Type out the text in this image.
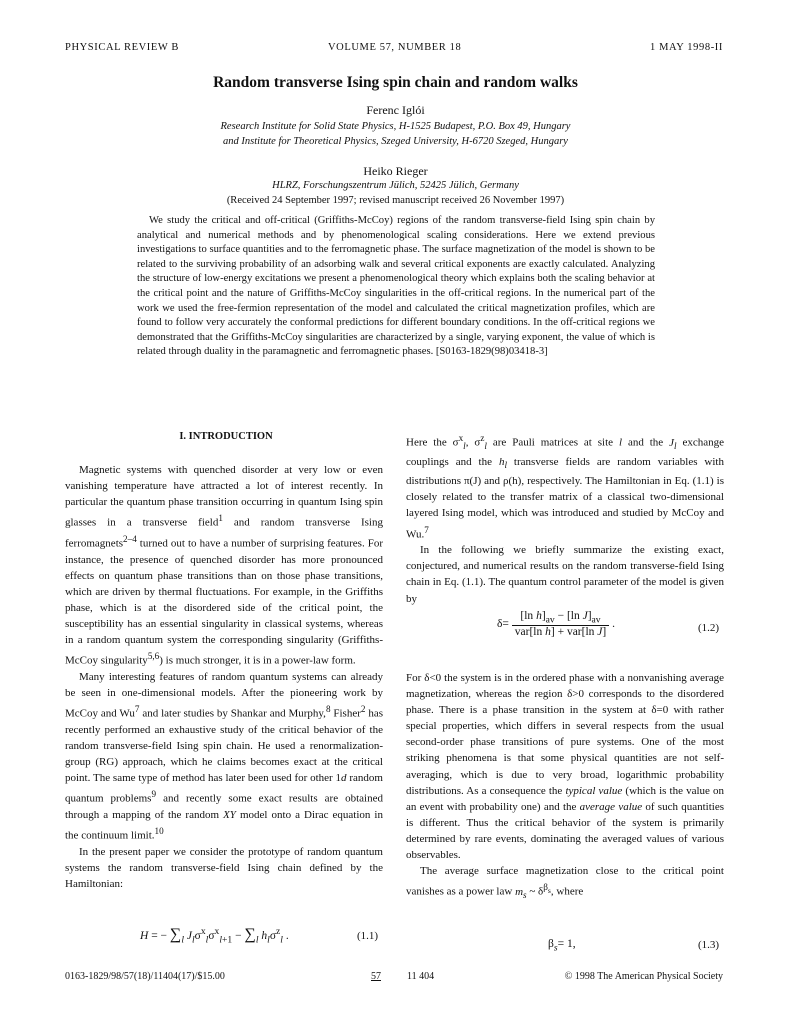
PHYSICAL REVIEW B	VOLUME 57, NUMBER 18	1 MAY 1998-II
Random transverse Ising spin chain and random walks
Ferenc Iglói
Research Institute for Solid State Physics, H-1525 Budapest, P.O. Box 49, Hungary
and Institute for Theoretical Physics, Szeged University, H-6720 Szeged, Hungary
Heiko Rieger
HLRZ, Forschungszentrum Jülich, 52425 Jülich, Germany
(Received 24 September 1997; revised manuscript received 26 November 1997)

We study the critical and off-critical (Griffiths-McCoy) regions of the random transverse-field Ising spin chain by analytical and numerical methods and by phenomenological scaling considerations. Here we extend previous investigations to surface quantities and to the ferromagnetic phase. The surface magnetization of the model is shown to be related to the surviving probability of an adsorbing walk and several critical exponents are exactly calculated. Analyzing the structure of low-energy excitations we present a phenomenological theory which explains both the scaling behavior at the critical point and the nature of Griffiths-McCoy singularities in the off-critical regions. In the numerical part of the work we used the free-fermion representation of the model and calculated the critical magnetization profiles, which are found to follow very accurately the conformal predictions for different boundary conditions. In the off-critical regions we demonstrated that the Griffiths-McCoy singularities are characterized by a single, varying exponent, the value of which is related through duality in the paramagnetic and ferromagnetic phases. [S0163-1829(98)03418-3]

I. INTRODUCTION

Magnetic systems with quenched disorder at very low or even vanishing temperature have attracted a lot of interest recently. In particular the quantum phase transition occurring in quantum Ising spin glasses in a transverse field$^1$ and random transverse Ising ferromagnets$^{2-4}$ turned out to have a number of surprising features. For instance, the presence of quenched disorder has more pronounced effects on quantum phase transitions than on those phase transitions, which are driven by thermal fluctuations. For example, in the Griffiths phase, which is at the disordered side of the critical point, the susceptibility has an essential singularity in classical systems, whereas in a random quantum system the corresponding singularity (Griffiths-McCoy singularity$^{5,6}$) is much stronger, it is in a power-law form.

Many interesting features of random quantum systems can already be seen in one-dimensional models. After the pioneering work by McCoy and Wu$^7$ and later studies by Shankar and Murphy,$^8$ Fisher$^2$ has recently performed an exhaustive study of the critical behavior of the random transverse-field Ising spin chain. He used a renormalization-group (RG) approach, which he claims becomes exact at the critical point. The same type of method has later been used for other 1d random quantum problems$^9$ and recently some exact results are obtained through a mapping of the random XY model onto a Dirac equation in the continuum limit.$^{10}$

In the present paper we consider the prototype of random quantum systems the random transverse-field Ising chain defined by the Hamiltonian:

H = − $\sum_l$ $J_l\sigma^x_l\sigma^x_{l+1} - \sum_l$ $h_l\sigma^z_l$ .	(1.1)

Here the $\sigma^x_l$, $\sigma^z_l$ are Pauli matrices at site l and the $J_l$ exchange couplings and the $h_l$ transverse fields are random variables with distributions π(J) and ρ(h), respectively. The Hamiltonian in Eq. (1.1) is closely related to the transfer matrix of a classical two-dimensional layered Ising model, which was introduced and studied by McCoy and Wu.$^7$

In the following we briefly summarize the existing exact, conjectured, and numerical results on the random transverse-field Ising chain in Eq. (1.1). The quantum control parameter of the model is given by

$\delta= \frac{[\ln h]_{av} - [\ln J]_{av}}{\text{var[ln h] + var[ln J]}}$ .	(1.2)

For δ<0 the system is in the ordered phase with a nonvanishing average magnetization, whereas the region δ>0 corresponds to the disordered phase. There is a phase transition in the system at δ=0 with rather special properties, which differs in several respects from the usual second-order phase transitions of pure systems. One of the most striking phenomena is that some physical quantities are not self-averaging, which is due to very broad, logarithmic probability distributions. As a consequence the typical value (which is the value on an event with probability one) and the average value of such quantities is different. Thus the critical behavior of the system is primarily determined by rare events, dominating the averaged values of various observables.

The average surface magnetization close to the critical point vanishes as a power law $m_s$ ~ $\delta^{\beta_s}$, where

$\beta_s= 1$,	(1.3)
0163-1829/98/57(18)/11404(17)/$15.00	57	11 404	© 1998 The American Physical Society
